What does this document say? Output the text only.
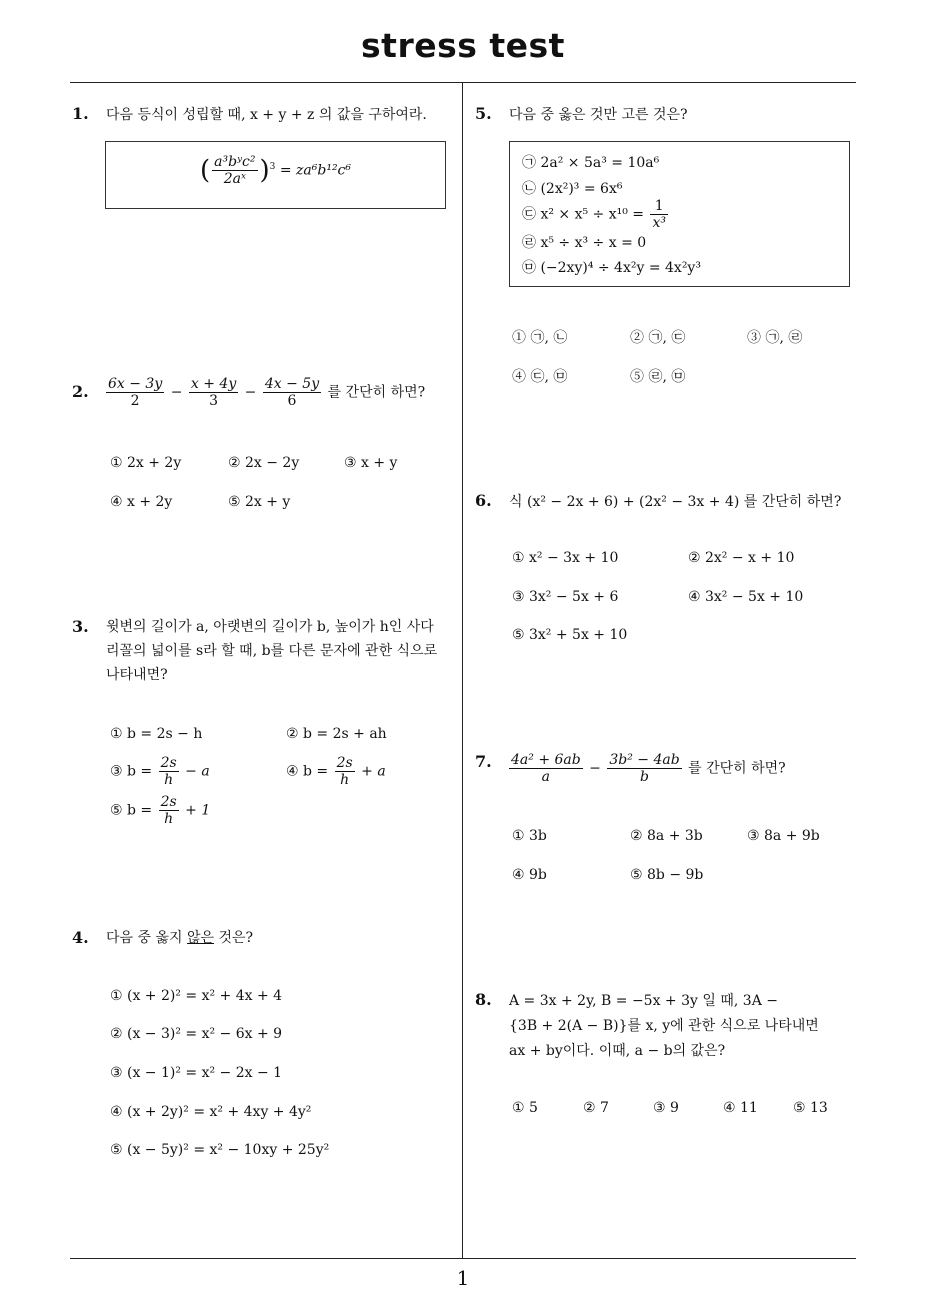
stress test
1
1. 다음 등식이 성립할 때, x + y + z 의 값을 구하여라.
( $\frac{\text{a³bʸc²}}{\text{2aˣ}} )^3 = za^6b^{12}c^6$
2. $\frac{6x - 3y}{2} - \frac{x + 4y}{3} - \frac{4x - 5y}{6}$ 를 간단히 하면?
① 2x + 2y	② 2x − 2y	③ x + y
④ x + 2y	⑤ 2x + y
3. 윗변의 길이가 a, 아랫변의 길이가 b, 높이가 h인 사다
리꼴의 넓이를 s라 할 때, b를 다른 문자에 관한 식으로
나타내면?
① b = 2s − h	② b = 2s + ah
③ $b = \frac{2s}{h} - a$	④ $b = \frac{2s}{h} + a$
⑤ $b = \frac{2s}{h} + 1$
4. 다음 중 옳지 않은 것은?
① (x + 2)² = x² + 4x + 4
② (x − 3)² = x² − 6x + 9
③ (x − 1)² = x² − 2x − 1
④ (x + 2y)² = x² + 4xy + 4y²
⑤ (x − 5y)² = x² − 10xy + 25y²
5. 다음 중 옳은 것만 고른 것은?
㉠ 2a² × 5a³ = 10a⁶
㉡ (2x²)³ = 6x⁶
㉢ $x^2 \times x^5 \div x^{10} = \frac{1}{\text{x³}}$
㉣ x⁵ ÷ x³ ÷ x = 0
㉤ (−2xy)⁴ ÷ 4x²y = 4x²y³
① ㉠, ㉡	② ㉠, ㉢	③ ㉠, ㉣
④ ㉢, ㉤	⑤ ㉣, ㉤
6. 식 (x² − 2x + 6) + (2x² − 3x + 4) 를 간단히 하면?
① x² − 3x + 10	② 2x² − x + 10
③ 3x² − 5x + 6	④ 3x² − 5x + 10
⑤ 3x² + 5x + 10
7. $\frac{\text{4a² + 6ab}}{a} - \frac{\text{3b² − 4ab}}{b}$ 를 간단히 하면?
① 3b	② 8a + 3b	③ 8a + 9b
④ 9b	⑤ 8b − 9b
8. A = 3x + 2y, B = −5x + 3y 일 때, 3A −
{3B + 2(A − B)}를 x, y에 관한 식으로 나타내면
ax + by이다. 이때, a − b의 값은?
① 5	② 7	③ 9	④ 11	⑤ 13
